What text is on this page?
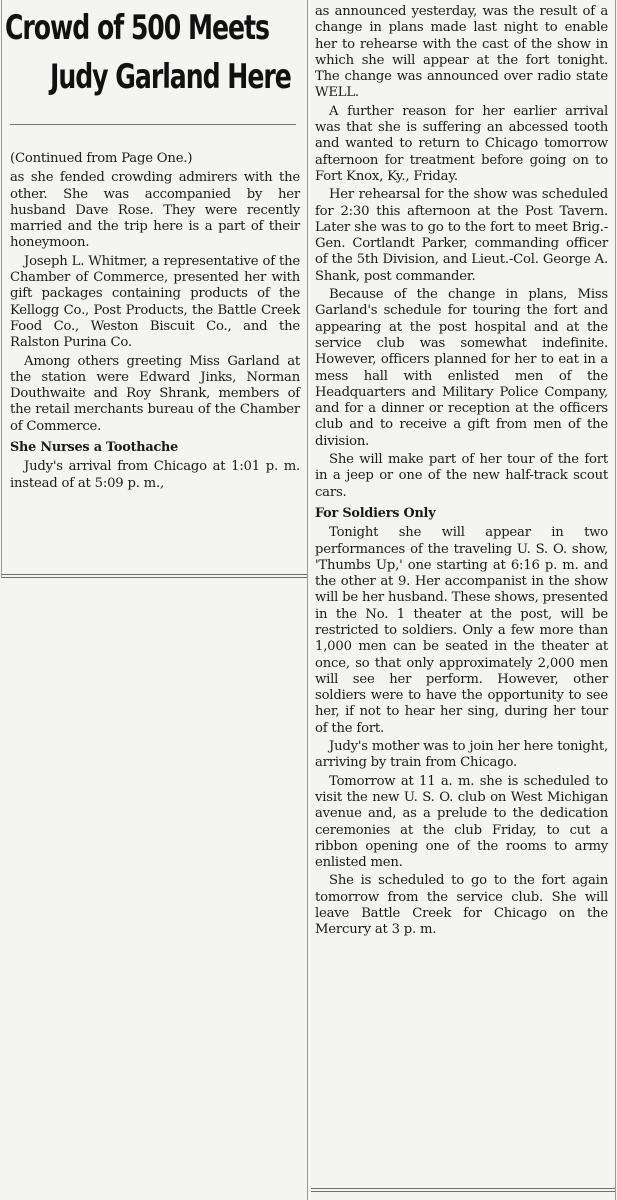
Crowd of 500 Meets
Judy Garland Here

(Continued from Page One.)

as she fended crowding admirers with the other. She was accompanied by her husband Dave Rose. They were recently married and the trip here is a part of their honeymoon.

Joseph L. Whitmer, a representative of the Chamber of Commerce, presented her with gift packages containing products of the Kellogg Co., Post Products, the Battle Creek Food Co., Weston Biscuit Co., and the Ralston Purina Co.

Among others greeting Miss Garland at the station were Edward Jinks, Norman Douthwaite and Roy Shrank, members of the retail merchants bureau of the Chamber of Commerce.

She Nurses a Toothache

Judy's arrival from Chicago at 1:01 p. m. instead of at 5:09 p. m.,

as announced yesterday, was the result of a change in plans made last night to enable her to rehearse with the cast of the show in which she will appear at the fort tonight. The change was announced over radio state WELL.

A further reason for her earlier arrival was that she is suffering an abcessed tooth and wanted to return to Chicago tomorrow afternoon for treatment before going on to Fort Knox, Ky., Friday.

Her rehearsal for the show was scheduled for 2:30 this afternoon at the Post Tavern. Later she was to go to the fort to meet Brig.-Gen. Cortlandt Parker, commanding officer of the 5th Division, and Lieut.-Col. George A. Shank, post commander.

Because of the change in plans, Miss Garland's schedule for touring the fort and appearing at the post hospital and at the service club was somewhat indefinite. However, officers planned for her to eat in a mess hall with enlisted men of the Headquarters and Military Police Company, and for a dinner or reception at the officers club and to receive a gift from men of the division.

She will make part of her tour of the fort in a jeep or one of the new half-track scout cars.

For Soldiers Only

Tonight she will appear in two performances of the traveling U. S. O. show, 'Thumbs Up,' one starting at 6:16 p. m. and the other at 9. Her accompanist in the show will be her husband. These shows, presented in the No. 1 theater at the post, will be restricted to soldiers. Only a few more than 1,000 men can be seated in the theater at once, so that only approximately 2,000 men will see her perform. However, other soldiers were to have the opportunity to see her, if not to hear her sing, during her tour of the fort.

Judy's mother was to join her here tonight, arriving by train from Chicago.

Tomorrow at 11 a. m. she is scheduled to visit the new U. S. O. club on West Michigan avenue and, as a prelude to the dedication ceremonies at the club Friday, to cut a ribbon opening one of the rooms to army enlisted men.

She is scheduled to go to the fort again tomorrow from the service club. She will leave Battle Creek for Chicago on the Mercury at 3 p. m.
